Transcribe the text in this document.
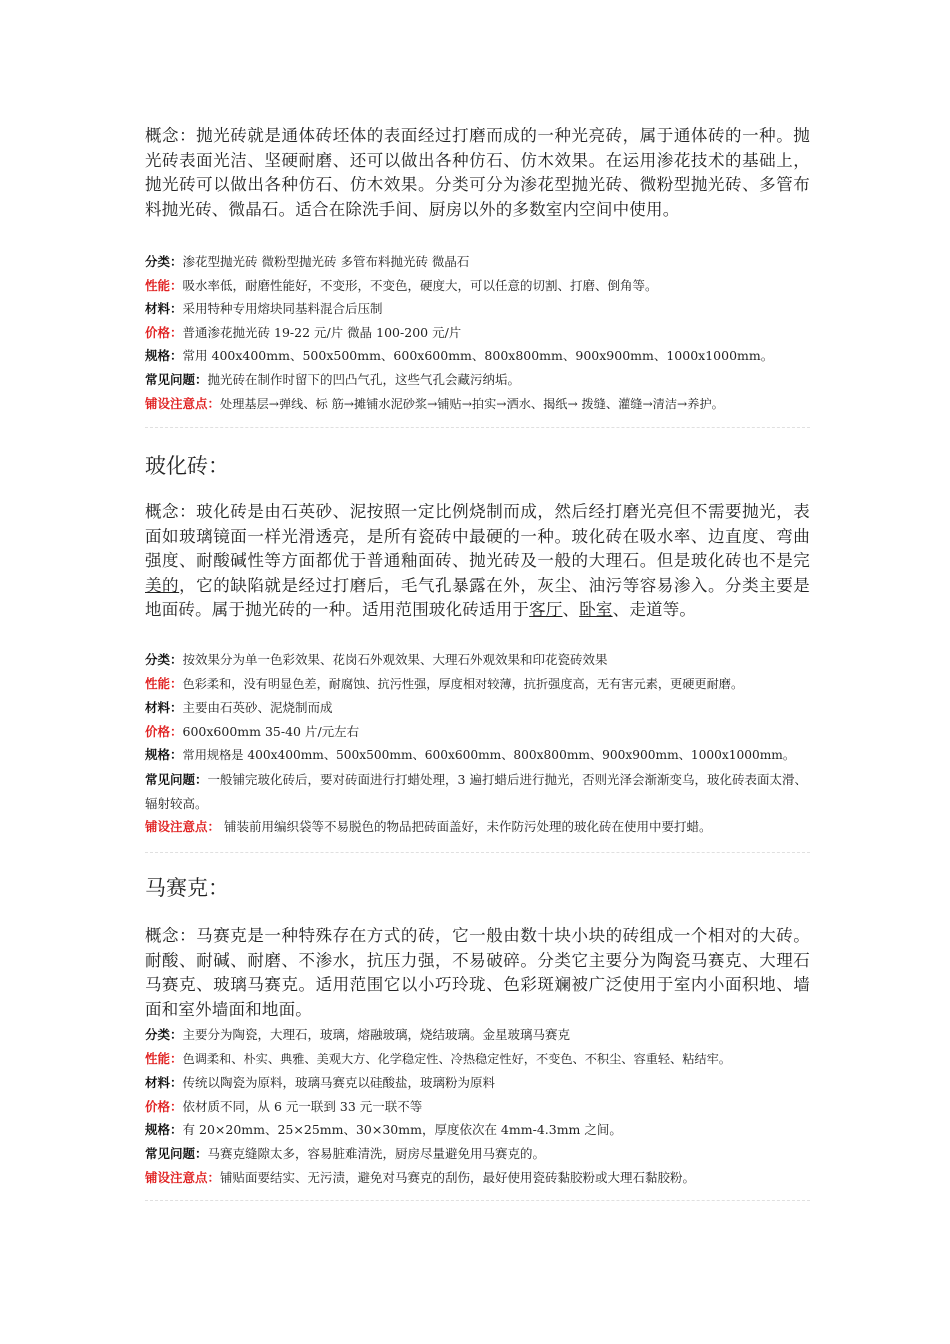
概念：抛光砖就是通体砖坯体的表面经过打磨而成的一种光亮砖，属于通体砖的一种。抛光砖表面光洁、坚硬耐磨、还可以做出各种仿石、仿木效果。在运用渗花技术的基础上，抛光砖可以做出各种仿石、仿木效果。分类可分为渗花型抛光砖、微粉型抛光砖、多管布料抛光砖、微晶石。适合在除洗手间、厨房以外的多数室内空间中使用。

分类：渗花型抛光砖 微粉型抛光砖 多管布料抛光砖 微晶石

性能：吸水率低，耐磨性能好，不变形，不变色，硬度大，可以任意的切割、打磨、倒角等。

材料：采用特种专用熔块同基料混合后压制

价格：普通渗花抛光砖 19-22 元/片 微晶 100-200 元/片

规格：常用 400x400mm、500x500mm、600x600mm、800x800mm、900x900mm、1000x1000mm。

常见问题：抛光砖在制作时留下的凹凸气孔，这些气孔会藏污纳垢。

铺设注意点：处理基层→弹线、标 筋→摊铺水泥砂浆→铺贴→拍实→洒水、揭纸→ 拨缝、灌缝→清洁→养护。

玻化砖：

概念：玻化砖是由石英砂、泥按照一定比例烧制而成，然后经打磨光亮但不需要抛光，表面如玻璃镜面一样光滑透亮，是所有瓷砖中最硬的一种。玻化砖在吸水率、边直度、弯曲强度、耐酸碱性等方面都优于普通釉面砖、抛光砖及一般的大理石。但是玻化砖也不是完美的，它的缺陷就是经过打磨后，毛气孔暴露在外，灰尘、油污等容易渗入。分类主要是地面砖。属于抛光砖的一种。适用范围玻化砖适用于客厅、卧室、走道等。

分类：按效果分为单一色彩效果、花岗石外观效果、大理石外观效果和印花瓷砖效果

性能：色彩柔和，没有明显色差，耐腐蚀、抗污性强，厚度相对较薄，抗折强度高，无有害元素，更硬更耐磨。

材料：主要由石英砂、泥烧制而成

价格：600x600mm 35-40 片/元左右

规格：常用规格是 400x400mm、500x500mm、600x600mm、800x800mm、900x900mm、1000x1000mm。

常见问题：一般铺完玻化砖后，要对砖面进行打蜡处理，3 遍打蜡后进行抛光，否则光泽会渐渐变乌，玻化砖表面太滑、辐射较高。

铺设注意点： 铺装前用编织袋等不易脱色的物品把砖面盖好，未作防污处理的玻化砖在使用中要打蜡。

马赛克：

概念：马赛克是一种特殊存在方式的砖，它一般由数十块小块的砖组成一个相对的大砖。耐酸、耐碱、耐磨、不渗水，抗压力强，不易破碎。分类它主要分为陶瓷马赛克、大理石马赛克、玻璃马赛克。适用范围它以小巧玲珑、色彩斑斓被广泛使用于室内小面积地、墙面和室外墙面和地面。

分类：主要分为陶瓷，大理石，玻璃，熔融玻璃，烧结玻璃。金星玻璃马赛克

性能：色调柔和、朴实、典雅、美观大方、化学稳定性、冷热稳定性好，不变色、不积尘、容重轻、粘结牢。

材料：传统以陶瓷为原料，玻璃马赛克以硅酸盐，玻璃粉为原料

价格：依材质不同，从 6 元一联到 33 元一联不等

规格：有 20×20mm、25×25mm、30×30mm，厚度依次在 4mm-4.3mm 之间。

常见问题：马赛克缝隙太多，容易脏难清洗，厨房尽量避免用马赛克的。

铺设注意点：铺贴面要结实、无污渍，避免对马赛克的刮伤，最好使用瓷砖黏胶粉或大理石黏胶粉。
